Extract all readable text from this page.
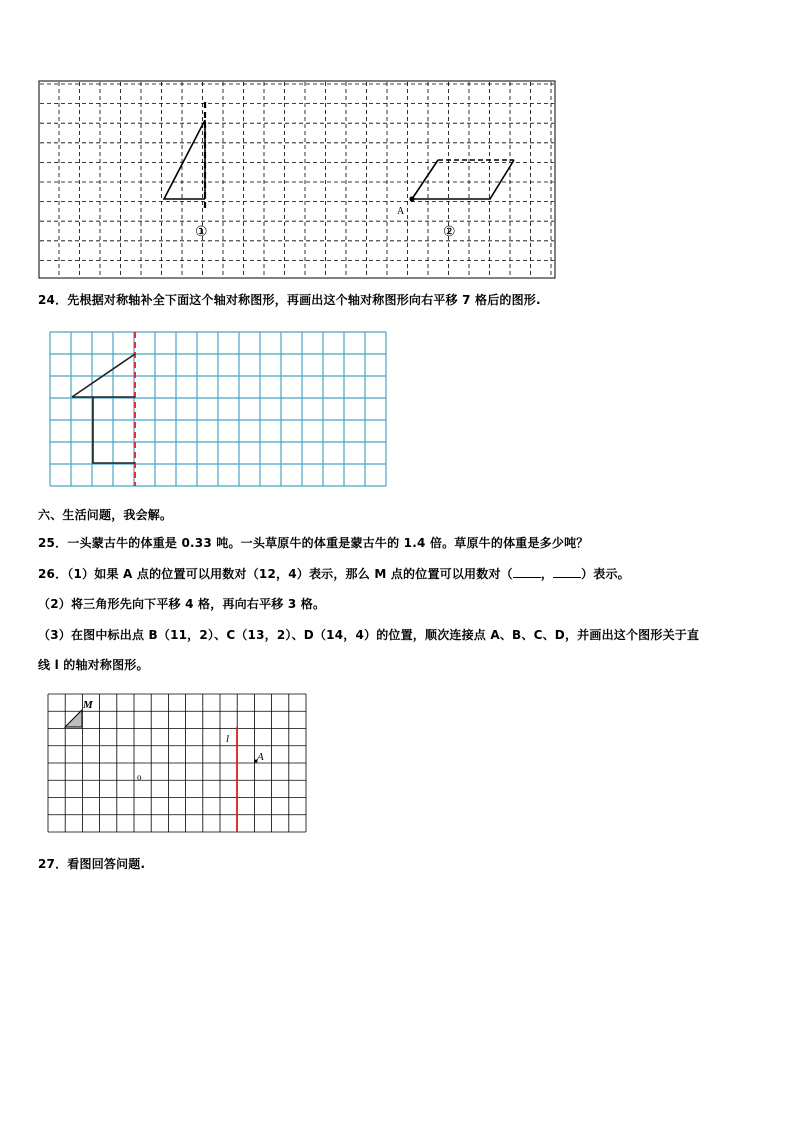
A
①	②
24．先根据对称轴补全下面这个轴对称图形，再画出这个轴对称图形向右平移 7 格后的图形.
六、生活问题，我会解。
25．一头蒙古牛的体重是 0.33 吨。一头草原牛的体重是蒙古牛的 1.4 倍。草原牛的体重是多少吨？
26．（1）如果 A 点的位置可以用数对（12，4）表示，那么 M 点的位置可以用数对（ ， ）表示。
（2）将三角形先向下平移 4 格，再向右平移 3 格。
（3）在图中标出点 B（11，2）、C（13，2）、D（14，4）的位置，顺次连接点 A、B、C、D，并画出这个图形关于直
线 l 的轴对称图形。
M
l
A
o
27．看图回答问题.
